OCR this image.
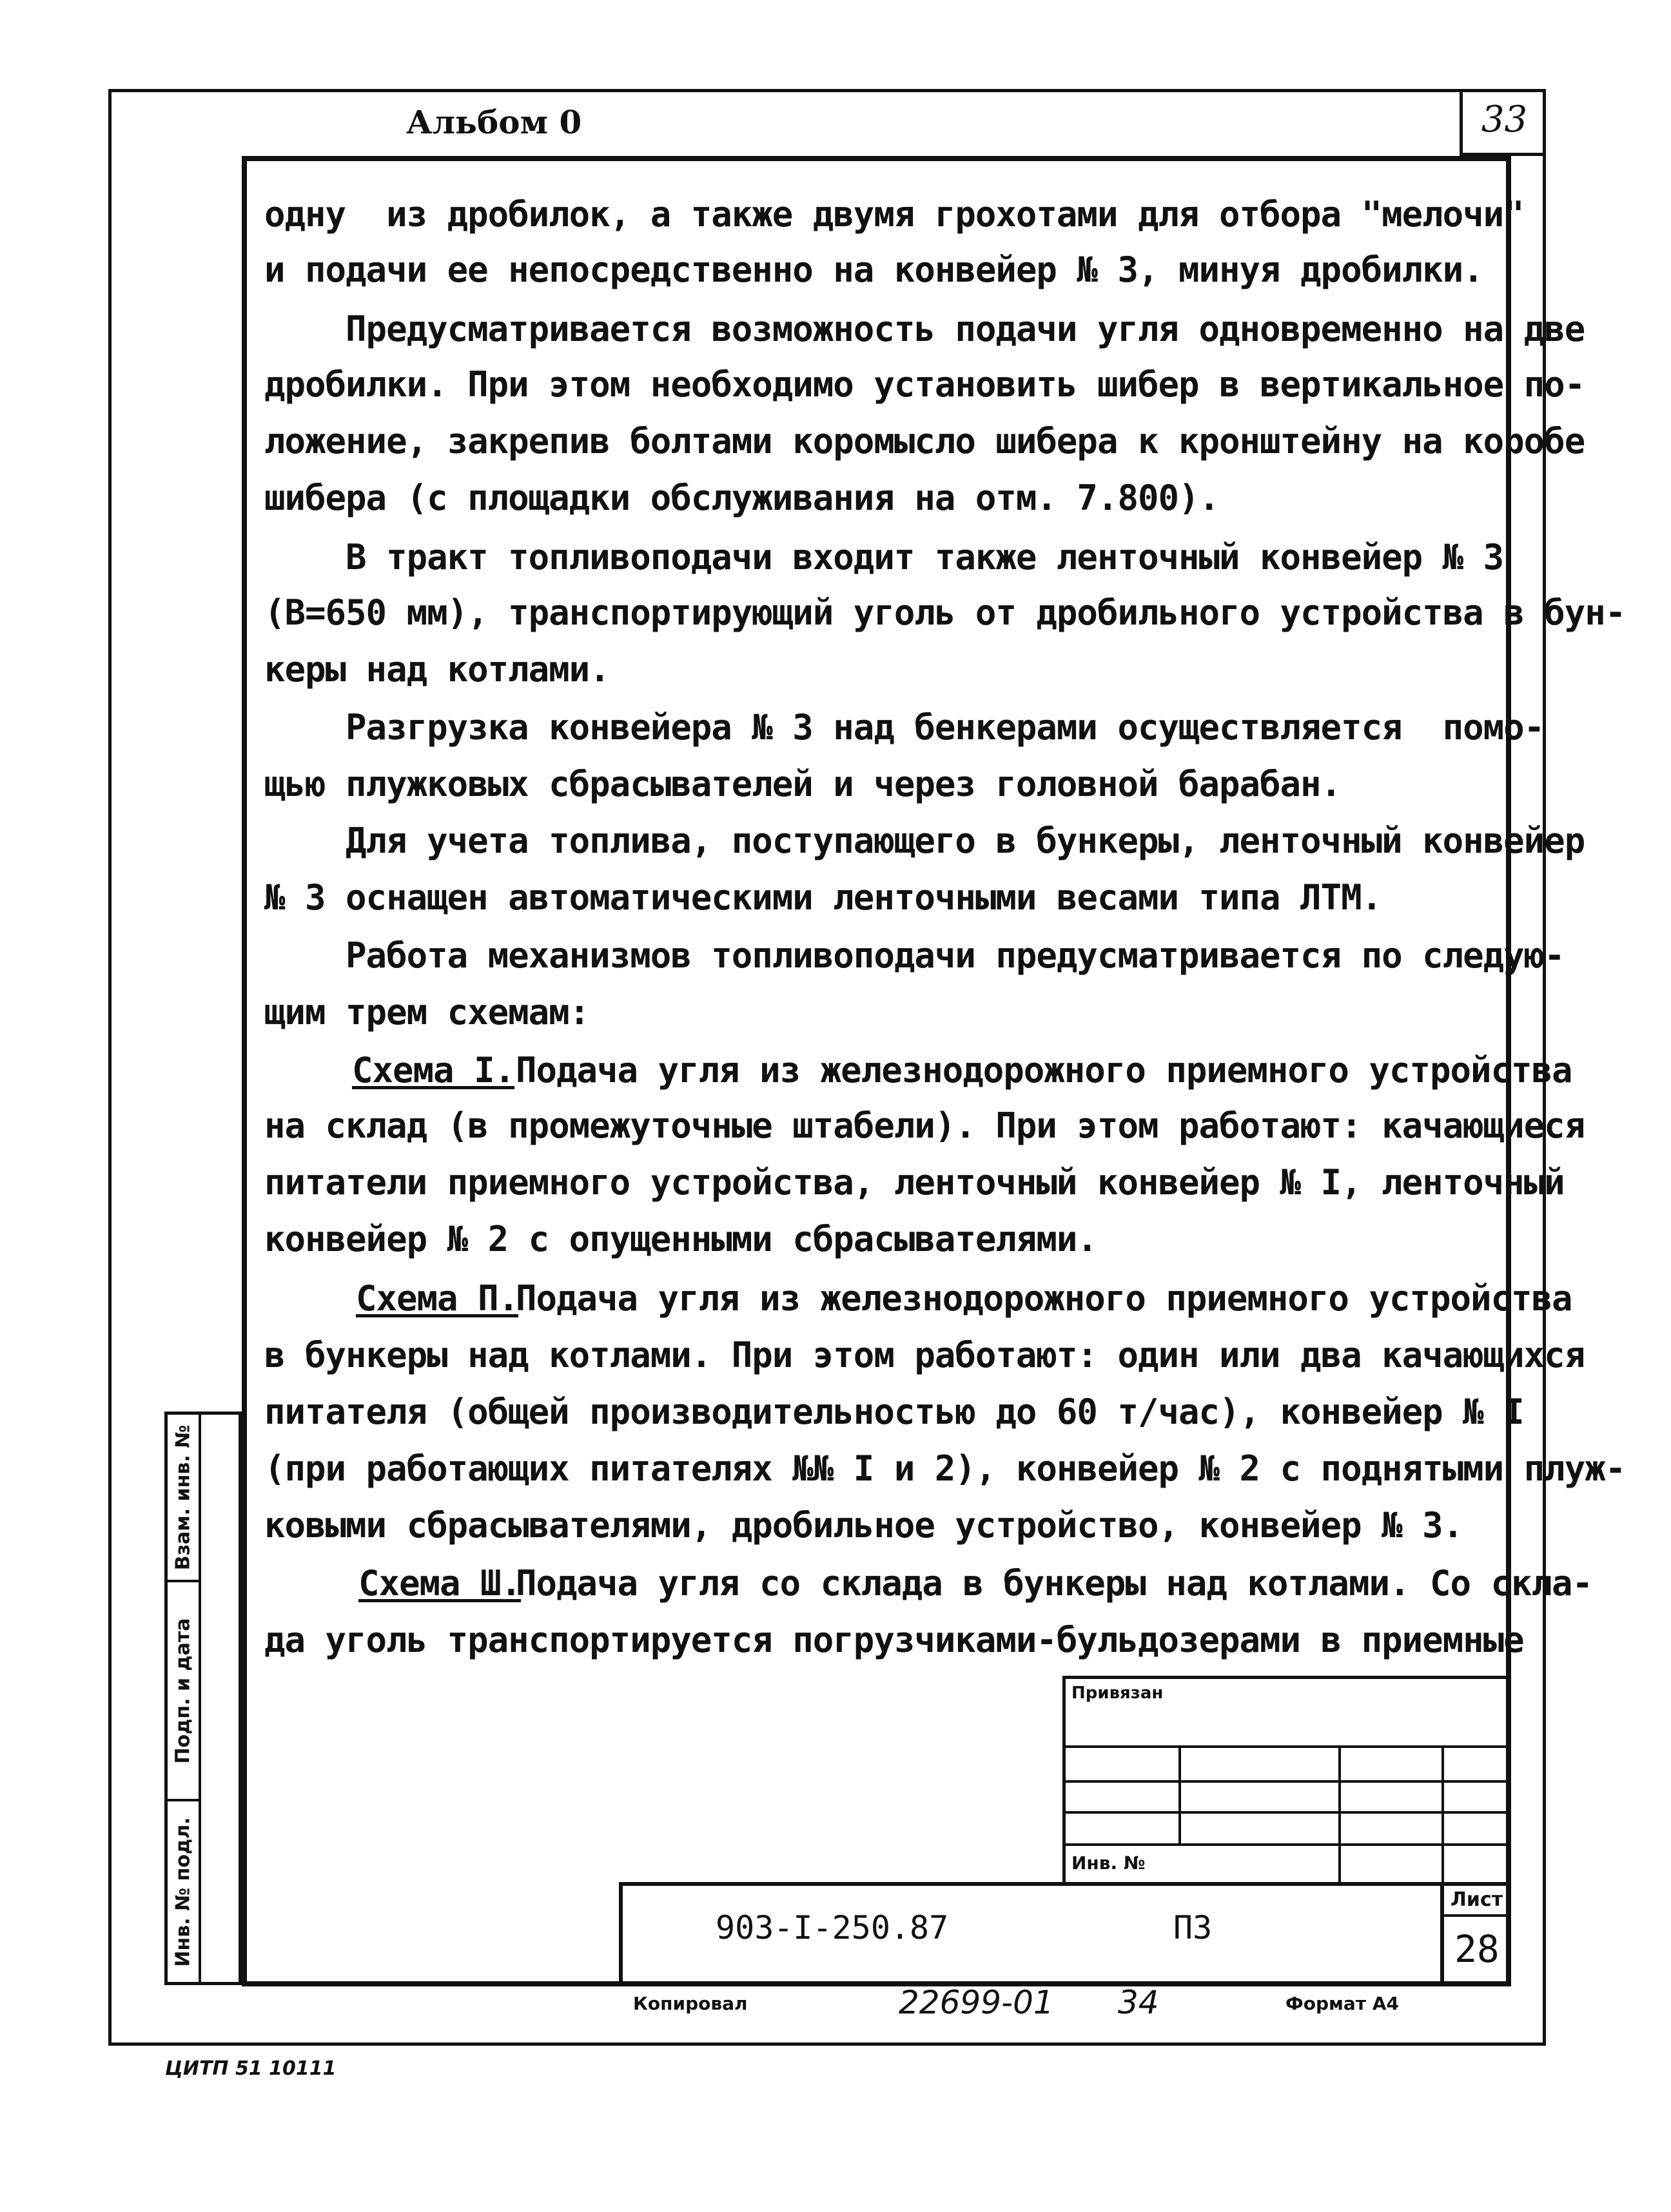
Альбом 0	33
одну  из дробилок, а также двумя грохотами для отбора "мелочи"
и подачи ее непосредственно на конвейер № 3, минуя дробилки.
Предусматривается возможность подачи угля одновременно на две
дробилки. При этом необходимо установить шибер в вертикальное по-
ложение, закрепив болтами коромысло шибера к кронштейну на коробе
шибера (с площадки обслуживания на отм. 7.800).
В тракт топливоподачи входит также ленточный конвейер № 3
(В=650 мм), транспортирующий уголь от дробильного устройства в бун-
керы над котлами.
Разгрузка конвейера № 3 над бенкерами осуществляется  помо-
щью плужковых сбрасывателей и через головной барабан.
Для учета топлива, поступающего в бункеры, ленточный конвейер
№ 3 оснащен автоматическими ленточными весами типа ЛТМ.
Работа механизмов топливоподачи предусматривается по следую-
щим трем схемам:
Схема I. Подача угля из железнодорожного приемного устройства
на склад (в промежуточные штабели). При этом работают: качающиеся
питатели приемного устройства, ленточный конвейер № I, ленточный
конвейер № 2 с опущенными сбрасывателями.
Схема П.
Подача угля из железнодорожного приемного устройства
в бункеры над котлами. При этом работают: один или два качающихся
питателя (общей производительностью до 60 т/час), конвейер № I
(при работающих питателях №№ I и 2), конвейер № 2 с поднятыми плуж-
ковыми сбрасывателями, дробильное устройство, конвейер № 3.
Схема Ш.
Подача угля со склада в бункеры над котлами. Со скла-
да уголь транспортируется погрузчиками-бульдозерами в приемные
Взам. инв. №
Подп. и дата
Инв. № подл.
Привязан
Инв. №
903-I-250.87	ПЗ
Лист
28
Копировал	22699-01 34	Формат А4
ЦИТП 51 10111
